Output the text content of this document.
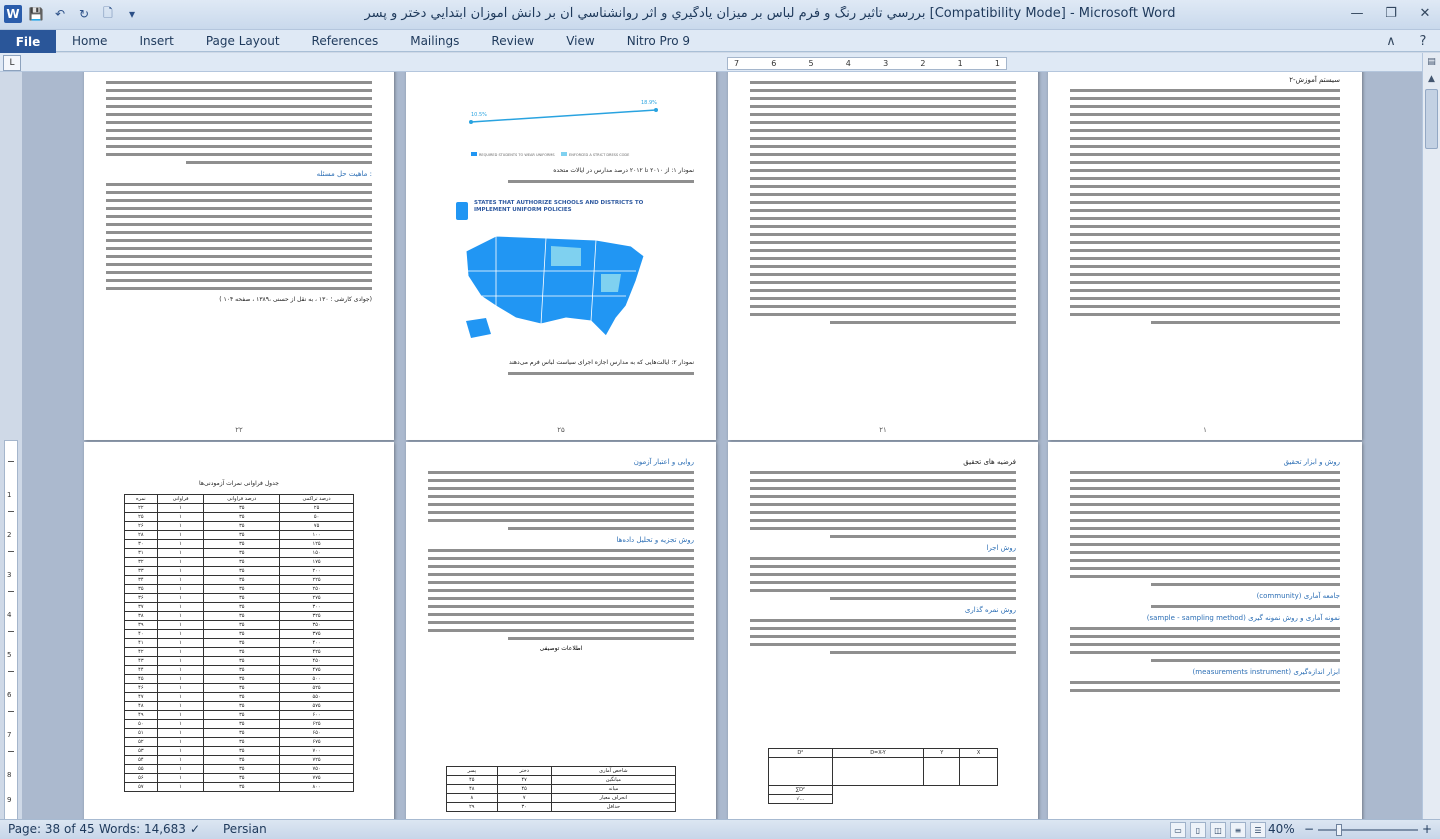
W 💾 ↶	↻	🗋	▾	بررسي تاثير رنگ و فرم لباس بر ميزان يادگيري و اثر روانشناسي آن بر دانش آموزان ابتدايي دختر و پسر [Compatibility Mode] - Microsoft Word	—	❐	✕
File	Home	Insert	Page Layout	References	Mailings	Review	View	Nitro Pro 9	∧	?
L	7	6	5	4	3	2	1	1
1
2
3
4
5
6
7
8
9
ماهیت حل مسئله :
(جوادی کارشی ؛ ۱۳۰ ، به نقل از حسنی ،۱۳۸۹ ، صفحه ۱۰۴ )
۲۲
10.5%
18.9%
REQUIRED STUDENTS TO WEAR UNIFORMS	ENFORCED A STRICT DRESS CODE
نمودار ۱: از ۲۰۱۰ تا ۲۰۱۲ درصد مدارس در ایالات متحده
STATES THAT AUTHORIZE SCHOOLS AND DISTRICTS TO IMPLEMENT UNIFORM POLICIES
نمودار ۲: ایالت‌هایی که به مدارس اجازه اجرای سیاست لباس فرم می‌دهند
۲۵	۲۱
۲-سیستم آموزش
۱
جدول فراوانی نمرات آزمودنی‌ها
نمره	فراوانی	درصد فراوانی	درصد تراکمی
۲۲	۱	۳۵	۲۵
۲۵	۱	۳۵	۵۰
۲۶	۱	۳۵	۷۵
۲۸	۱	۳۵	۱۰۰
۳۰	۱	۳۵	۱۲۵
۳۱	۱	۳۵	۱۵۰
۳۲	۱	۳۵	۱۷۵
۳۳	۱	۳۵	۲۰۰
۳۴	۱	۳۵	۲۲۵
۳۵	۱	۳۵	۲۵۰
۳۶	۱	۳۵	۲۷۵
۳۷	۱	۳۵	۳۰۰
۳۸	۱	۳۵	۳۲۵
۳۹	۱	۳۵	۳۵۰
۴۰	۱	۳۵	۳۷۵
۴۱	۱	۳۵	۴۰۰
۴۲	۱	۳۵	۴۲۵
۴۳	۱	۳۵	۴۵۰
۴۴	۱	۳۵	۴۷۵
۴۵	۱	۳۵	۵۰۰
۴۶	۱	۳۵	۵۲۵
۴۷	۱	۳۵	۵۵۰
۴۸	۱	۳۵	۵۷۵
۴۹	۱	۳۵	۶۰۰
۵۰	۱	۳۵	۶۲۵
۵۱	۱	۳۵	۶۵۰
۵۲	۱	۳۵	۶۷۵
۵۳	۱	۳۵	۷۰۰
۵۴	۱	۳۵	۷۲۵
۵۵	۱	۳۵	۷۵۰
۵۶	۱	۳۵	۷۷۵
۵۷	۱	۳۵	۸۰۰
روایی و اعتبار آزمون
روش تجزیه و تحلیل داده‌ها
اطلاعات توصیفی
پسر	دختر	شاخص آماری
۴۵	۴۷	میانگین
۴۸	۴۵	میانه
۸	۷	انحراف معیار
۲۹	۳۰	حداقل
فرضیه های تحقیق
روش اجرا
روش نمره گذاری
D²	D=X-Y	Y	X

∑D²			
√...			
روش و ابزار تحقیق
(community) جامعه آماری
(sample - sampling method) نمونه آماری و روش نمونه گیری
(measurements instrument) ابزار اندازه‌گیری
▤
▲
Page: 38 of 45 Words: 14,683 ✓ Persian	▭	▯	◫	≡	☰ 40% −	+
